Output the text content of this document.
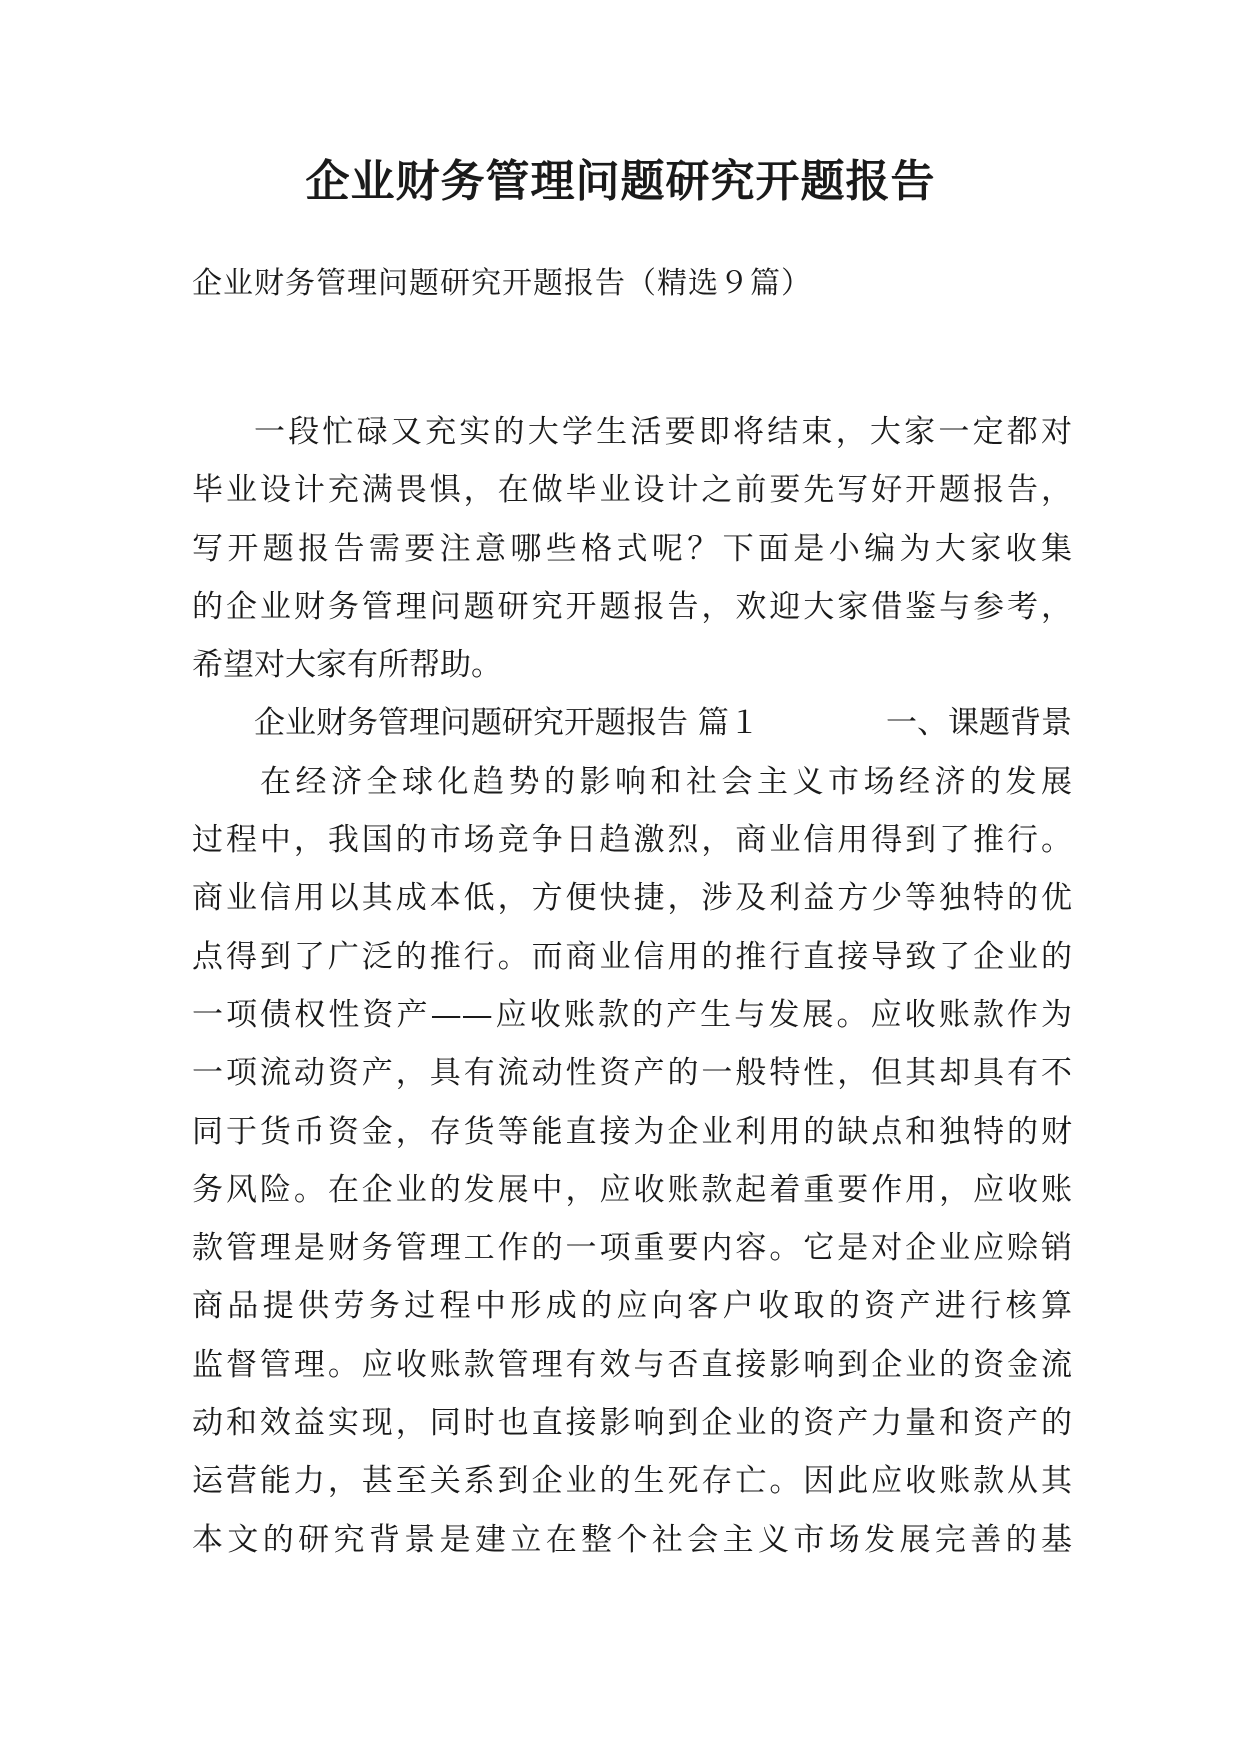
企业财务管理问题研究开题报告

企业财务管理问题研究开题报告（精选９篇）

一段忙碌又充实的大学生活要即将结束，大家一定都对
毕业设计充满畏惧，在做毕业设计之前要先写好开题报告，
写开题报告需要注意哪些格式呢？下面是小编为大家收集
的企业财务管理问题研究开题报告，欢迎大家借鉴与参考，
希望对大家有所帮助。
企业财务管理问题研究开题报告 篇１	一、课题背景
在经济全球化趋势的影响和社会主义市场经济的发展
过程中，我国的市场竞争日趋激烈，商业信用得到了推行。
商业信用以其成本低，方便快捷，涉及利益方少等独特的优
点得到了广泛的推行。而商业信用的推行直接导致了企业的
一项债权性资产——应收账款的产生与发展。应收账款作为
一项流动资产，具有流动性资产的一般特性，但其却具有不
同于货币资金，存货等能直接为企业利用的缺点和独特的财
务风险。在企业的发展中，应收账款起着重要作用，应收账
款管理是财务管理工作的一项重要内容。它是对企业应赊销
商品提供劳务过程中形成的应向客户收取的资产进行核算
监督管理。应收账款管理有效与否直接影响到企业的资金流
动和效益实现，同时也直接影响到企业的资产力量和资产的
运营能力，甚至关系到企业的生死存亡。因此应收账款从其
本文的研究背景是建立在整个社会主义市场发展完善的基
